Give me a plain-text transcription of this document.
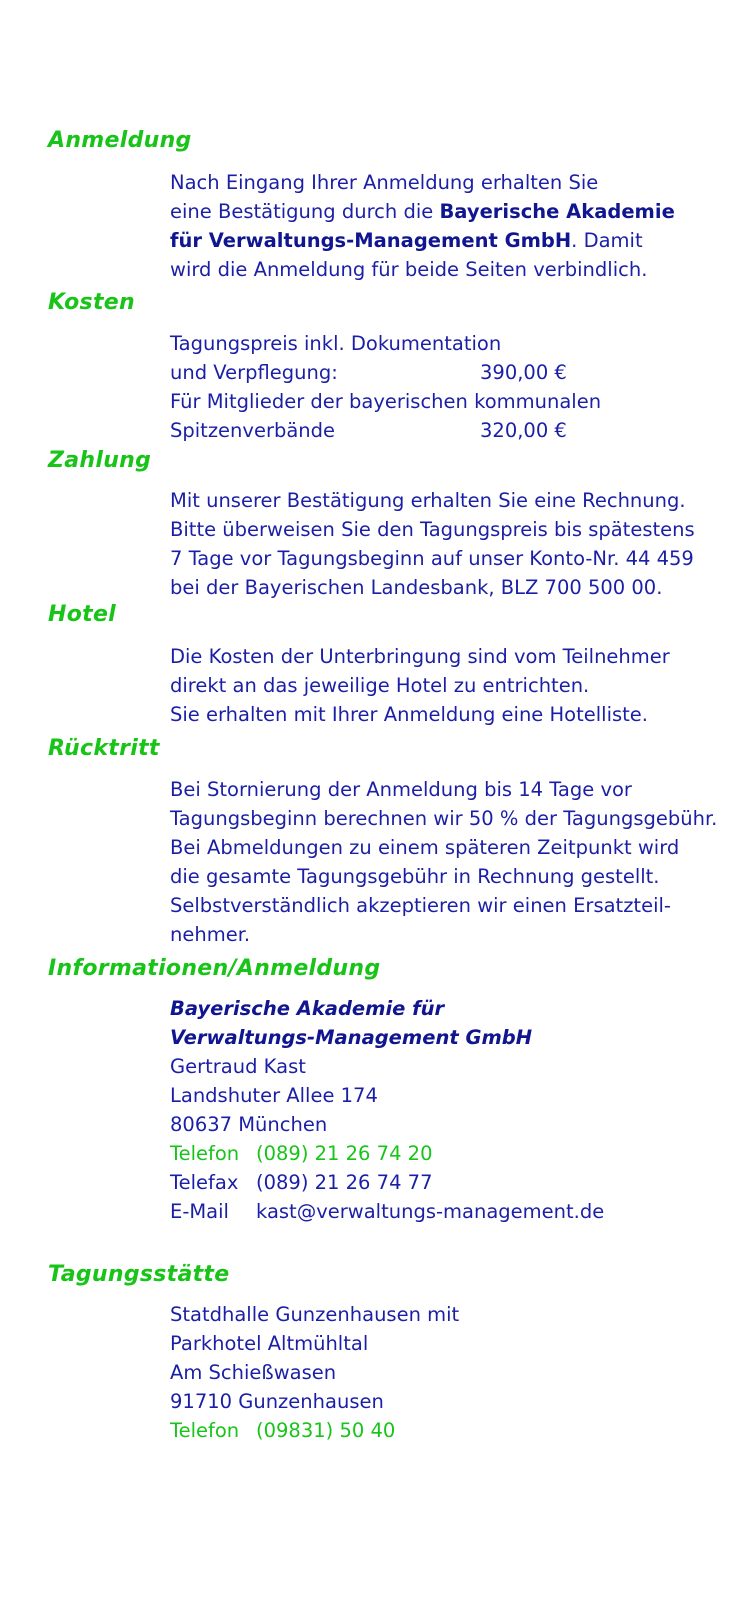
Anmeldung
Nach Eingang Ihrer Anmeldung erhalten Sie
eine Bestätigung durch die Bayerische Akademie
für Verwaltungs-Management GmbH. Damit
wird die Anmeldung für beide Seiten verbindlich.
Kosten
Tagungspreis inkl. Dokumentation
und Verpflegung:	390,00 €
Für Mitglieder der bayerischen kommunalen
Spitzenverbände	320,00 €
Zahlung
Mit unserer Bestätigung erhalten Sie eine Rechnung.
Bitte überweisen Sie den Tagungspreis bis spätestens
7 Tage vor Tagungsbeginn auf unser Konto-Nr. 44 459
bei der Bayerischen Landesbank, BLZ 700 500 00.
Hotel
Die Kosten der Unterbringung sind vom Teilnehmer
direkt an das jeweilige Hotel zu entrichten.
Sie erhalten mit Ihrer Anmeldung eine Hotelliste.
Rücktritt
Bei Stornierung der Anmeldung bis 14 Tage vor
Tagungsbeginn berechnen wir 50 % der Tagungsgebühr.
Bei Abmeldungen zu einem späteren Zeitpunkt wird
die gesamte Tagungsgebühr in Rechnung gestellt.
Selbstverständlich akzeptieren wir einen Ersatzteil-
nehmer.
Informationen/Anmeldung
Bayerische Akademie für
Verwaltungs-Management GmbH
Gertraud Kast
Landshuter Allee 174
80637 München
Telefon (089) 21 26 74 20
Telefax (089) 21 26 74 77
E-Mail kast@verwaltungs-management.de
Tagungsstätte
Statdhalle Gunzenhausen mit
Parkhotel Altmühltal
Am Schießwasen
91710 Gunzenhausen
Telefon (09831) 50 40
